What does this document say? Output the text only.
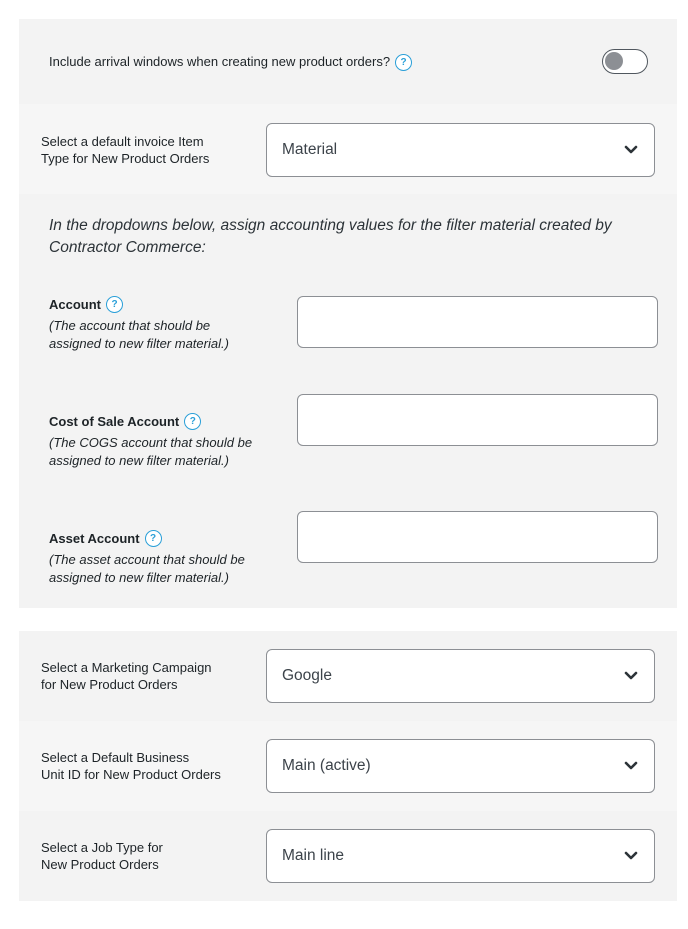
Include arrival windows when creating new product orders??
Select a default invoice Item
Type for New Product Orders
Material
In the dropdowns below, assign accounting values for the filter material created by
Contractor Commerce:
Account?
(The account that should be
assigned to new filter material.)
Cost of Sale Account?
(The COGS account that should be
assigned to new filter material.)
Asset Account?
(The asset account that should be
assigned to new filter material.)
Select a Marketing Campaign
for New Product Orders
Google
Select a Default Business
Unit ID for New Product Orders
Main (active)
Select a Job Type for
New Product Orders
Main line
